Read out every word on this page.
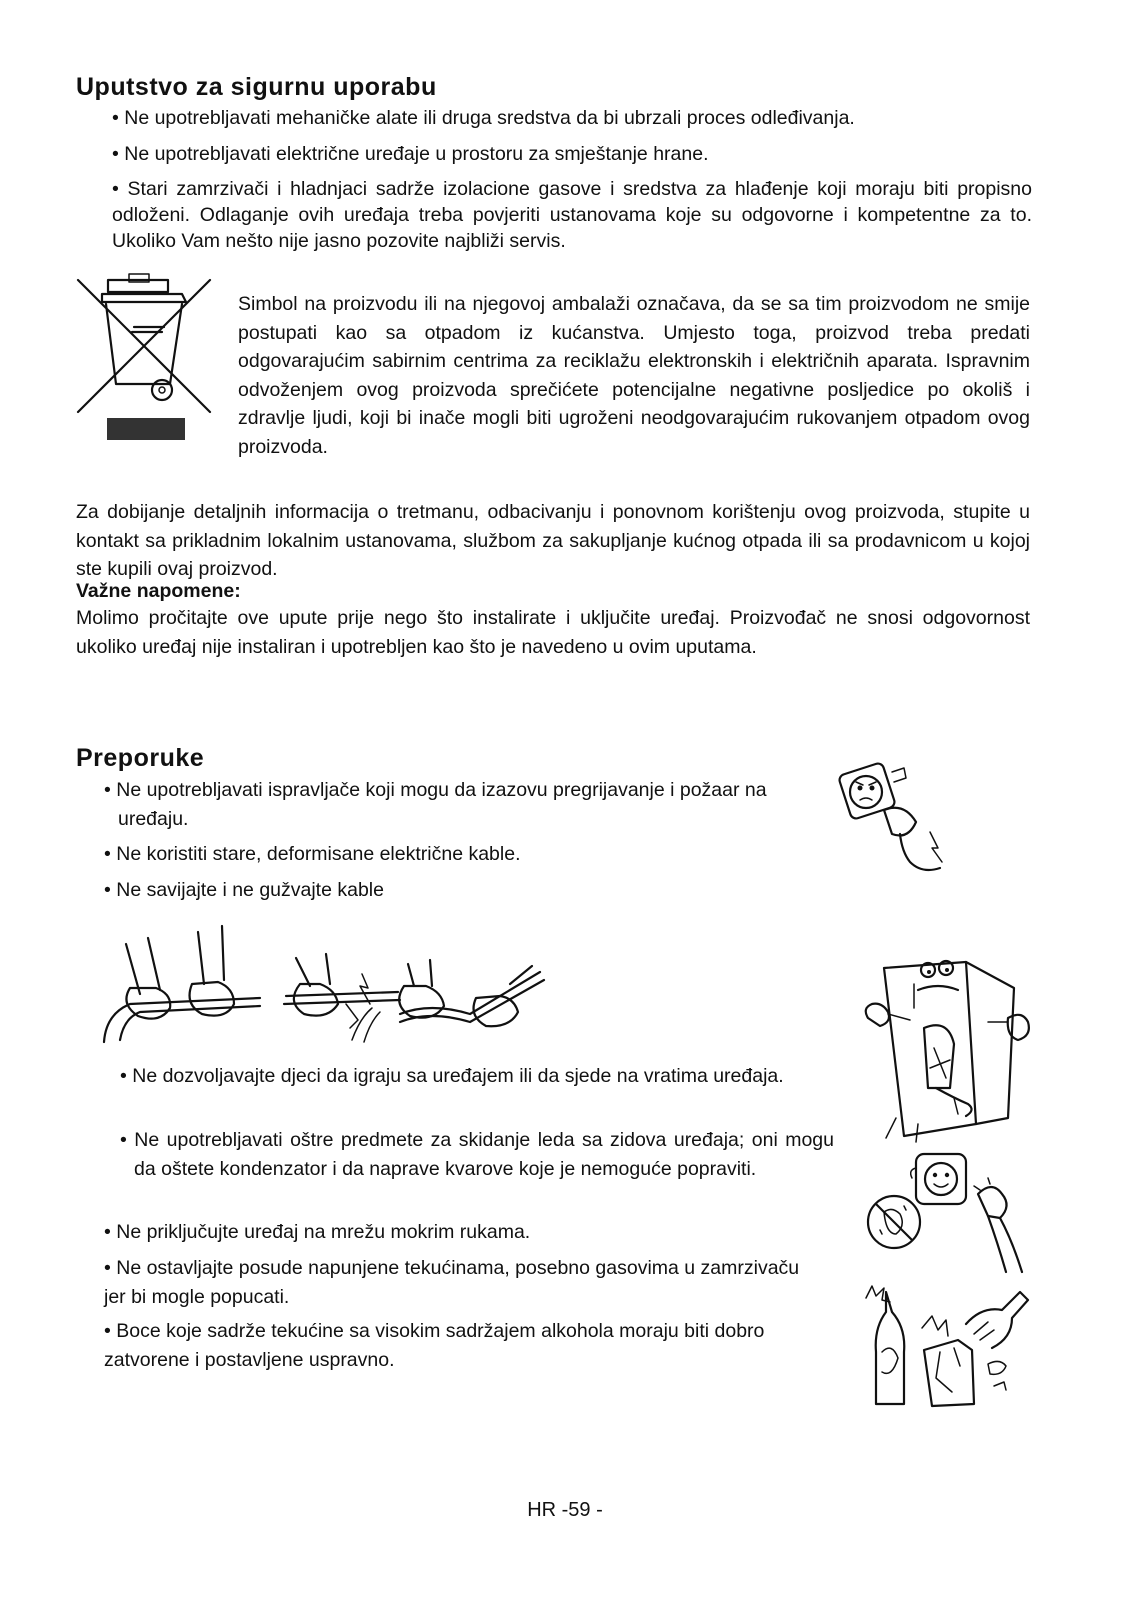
Uputstvo za sigurnu uporabu
• Ne upotrebljavati mehaničke alate ili druga sredstva da bi ubrzali proces odleđivanja.
• Ne upotrebljavati električne uređaje u prostoru za smještanje hrane.
• Stari zamrzivači i hladnjaci sadrže izolacione gasove i sredstva za hlađenje koji moraju biti propisno odloženi. Odlaganje ovih uređaja treba povjeriti ustanovama koje su odgovorne i kompetentne za to. Ukoliko Vam nešto nije jasno pozovite najbliži servis.
Simbol na proizvodu ili na njegovoj ambalaži označava, da se sa tim proizvodom ne smije postupati kao sa otpadom iz kućanstva. Umjesto toga, proizvod treba predati odgovarajućim sabirnim centrima za reciklažu elektronskih i električnih aparata. Ispravnim odvoženjem ovog proizvoda sprečićete potencijalne negativne posljedice po okoliš i zdravlje ljudi, koji bi inače mogli biti ugroženi neodgovarajućim rukovanjem otpadom ovog proizvoda.
Za dobijanje detaljnih informacija o tretmanu, odbacivanju i ponovnom korištenju ovog proizvoda, stupite u kontakt sa prikladnim lokalnim ustanovama, službom za sakupljanje kućnog otpada ili sa prodavnicom u kojoj ste kupili ovaj proizvod.
Važne napomene:
Molimo pročitajte ove upute prije nego što instalirate i uključite uređaj. Proizvođač ne snosi odgovornost ukoliko uređaj nije instaliran i upotrebljen kao što je navedeno u ovim uputama.
Preporuke
• Ne upotrebljavati ispravljače koji mogu da izazovu pregrijavanje i požaar na uređaju.
• Ne koristiti stare, deformisane električne kable.
• Ne savijajte i ne gužvajte kable
• Ne dozvoljavajte djeci da igraju sa uređajem ili da sjede na vratima uređaja.
• Ne upotrebljavati oštre predmete za skidanje leda sa zidova uređaja; oni mogu da oštete kondenzator i da naprave kvarove koje je nemoguće popraviti.
• Ne priključujte uređaj na mrežu mokrim rukama.
• Ne ostavljajte posude napunjene tekućinama, posebno gasovima u zamrzivaču jer bi mogle popucati.
• Boce koje sadrže tekućine sa visokim sadržajem alkohola moraju biti dobro zatvorene i postavljene uspravno.
HR -59 -
